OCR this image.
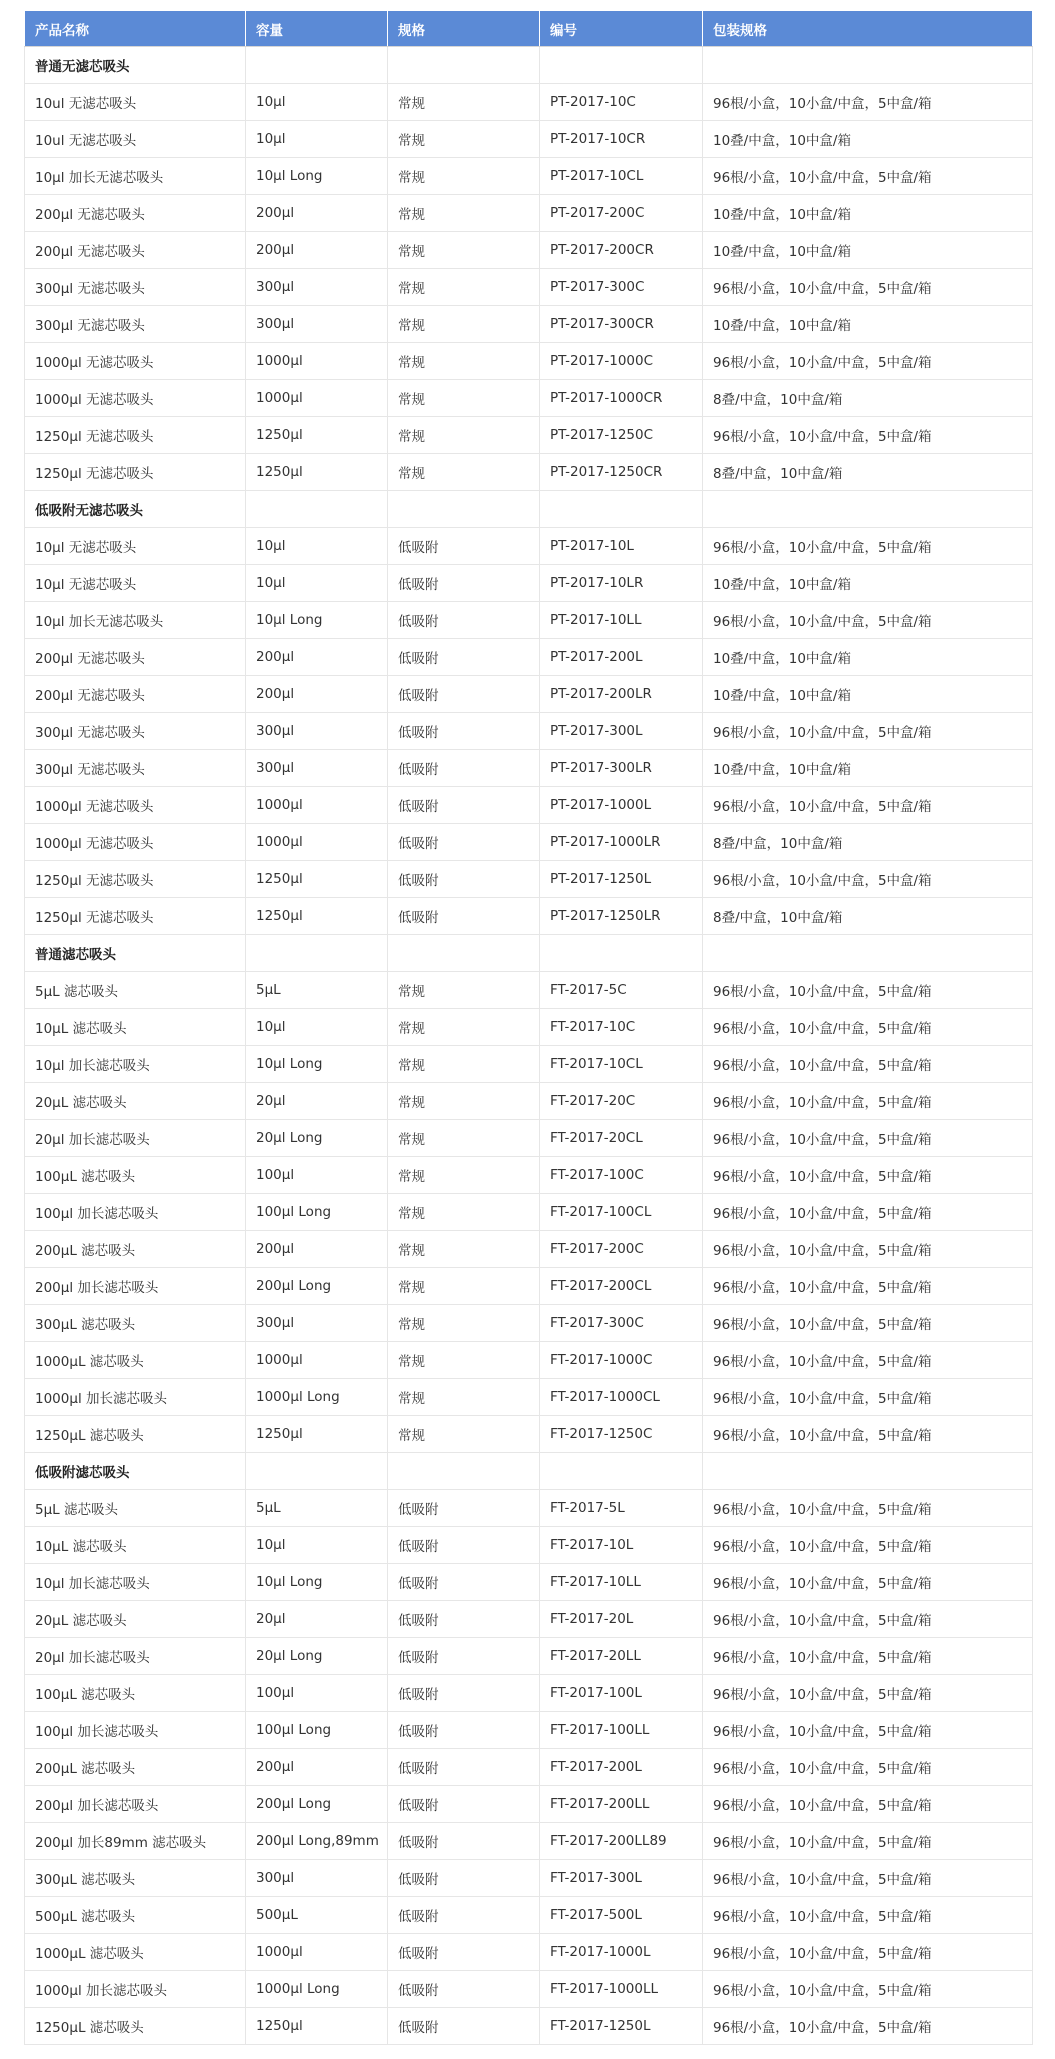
产品名称	容量	规格	编号	包装规格
普通无滤芯吸头				
10ul 无滤芯吸头	10μl	常规	PT-2017-10C	96根/小盒，10小盒/中盒，5中盒/箱
10ul 无滤芯吸头	10μl	常规	PT-2017-10CR	10叠/中盒，10中盒/箱
10μl 加长无滤芯吸头	10μl Long	常规	PT-2017-10CL	96根/小盒，10小盒/中盒，5中盒/箱
200μl 无滤芯吸头	200μl	常规	PT-2017-200C	10叠/中盒，10中盒/箱
200μl 无滤芯吸头	200μl	常规	PT-2017-200CR	10叠/中盒，10中盒/箱
300μl 无滤芯吸头	300μl	常规	PT-2017-300C	96根/小盒，10小盒/中盒，5中盒/箱
300μl 无滤芯吸头	300μl	常规	PT-2017-300CR	10叠/中盒，10中盒/箱
1000μl 无滤芯吸头	1000μl	常规	PT-2017-1000C	96根/小盒，10小盒/中盒，5中盒/箱
1000μl 无滤芯吸头	1000μl	常规	PT-2017-1000CR	8叠/中盒，10中盒/箱
1250μl 无滤芯吸头	1250μl	常规	PT-2017-1250C	96根/小盒，10小盒/中盒，5中盒/箱
1250μl 无滤芯吸头	1250μl	常规	PT-2017-1250CR	8叠/中盒，10中盒/箱
低吸附无滤芯吸头				
10μl 无滤芯吸头	10μl	低吸附	PT-2017-10L	96根/小盒，10小盒/中盒，5中盒/箱
10μl 无滤芯吸头	10μl	低吸附	PT-2017-10LR	10叠/中盒，10中盒/箱
10μl 加长无滤芯吸头	10μl Long	低吸附	PT-2017-10LL	96根/小盒，10小盒/中盒，5中盒/箱
200μl 无滤芯吸头	200μl	低吸附	PT-2017-200L	10叠/中盒，10中盒/箱
200μl 无滤芯吸头	200μl	低吸附	PT-2017-200LR	10叠/中盒，10中盒/箱
300μl 无滤芯吸头	300μl	低吸附	PT-2017-300L	96根/小盒，10小盒/中盒，5中盒/箱
300μl 无滤芯吸头	300μl	低吸附	PT-2017-300LR	10叠/中盒，10中盒/箱
1000μl 无滤芯吸头	1000μl	低吸附	PT-2017-1000L	96根/小盒，10小盒/中盒，5中盒/箱
1000μl 无滤芯吸头	1000μl	低吸附	PT-2017-1000LR	8叠/中盒，10中盒/箱
1250μl 无滤芯吸头	1250μl	低吸附	PT-2017-1250L	96根/小盒，10小盒/中盒，5中盒/箱
1250μl 无滤芯吸头	1250μl	低吸附	PT-2017-1250LR	8叠/中盒，10中盒/箱
普通滤芯吸头				
5μL 滤芯吸头	5μL	常规	FT-2017-5C	96根/小盒，10小盒/中盒，5中盒/箱
10μL 滤芯吸头	10μl	常规	FT-2017-10C	96根/小盒，10小盒/中盒，5中盒/箱
10μl 加长滤芯吸头	10μl Long	常规	FT-2017-10CL	96根/小盒，10小盒/中盒，5中盒/箱
20μL 滤芯吸头	20μl	常规	FT-2017-20C	96根/小盒，10小盒/中盒，5中盒/箱
20μl 加长滤芯吸头	20μl Long	常规	FT-2017-20CL	96根/小盒，10小盒/中盒，5中盒/箱
100μL 滤芯吸头	100μl	常规	FT-2017-100C	96根/小盒，10小盒/中盒，5中盒/箱
100μl 加长滤芯吸头	100μl Long	常规	FT-2017-100CL	96根/小盒，10小盒/中盒，5中盒/箱
200μL 滤芯吸头	200μl	常规	FT-2017-200C	96根/小盒，10小盒/中盒，5中盒/箱
200μl 加长滤芯吸头	200μl Long	常规	FT-2017-200CL	96根/小盒，10小盒/中盒，5中盒/箱
300μL 滤芯吸头	300μl	常规	FT-2017-300C	96根/小盒，10小盒/中盒，5中盒/箱
1000μL 滤芯吸头	1000μl	常规	FT-2017-1000C	96根/小盒，10小盒/中盒，5中盒/箱
1000μl 加长滤芯吸头	1000μl Long	常规	FT-2017-1000CL	96根/小盒，10小盒/中盒，5中盒/箱
1250μL 滤芯吸头	1250μl	常规	FT-2017-1250C	96根/小盒，10小盒/中盒，5中盒/箱
低吸附滤芯吸头				
5μL 滤芯吸头	5μL	低吸附	FT-2017-5L	96根/小盒，10小盒/中盒，5中盒/箱
10μL 滤芯吸头	10μl	低吸附	FT-2017-10L	96根/小盒，10小盒/中盒，5中盒/箱
10μl 加长滤芯吸头	10μl Long	低吸附	FT-2017-10LL	96根/小盒，10小盒/中盒，5中盒/箱
20μL 滤芯吸头	20μl	低吸附	FT-2017-20L	96根/小盒，10小盒/中盒，5中盒/箱
20μl 加长滤芯吸头	20μl Long	低吸附	FT-2017-20LL	96根/小盒，10小盒/中盒，5中盒/箱
100μL 滤芯吸头	100μl	低吸附	FT-2017-100L	96根/小盒，10小盒/中盒，5中盒/箱
100μl 加长滤芯吸头	100μl Long	低吸附	FT-2017-100LL	96根/小盒，10小盒/中盒，5中盒/箱
200μL 滤芯吸头	200μl	低吸附	FT-2017-200L	96根/小盒，10小盒/中盒，5中盒/箱
200μl 加长滤芯吸头	200μl Long	低吸附	FT-2017-200LL	96根/小盒，10小盒/中盒，5中盒/箱
200μl 加长89mm 滤芯吸头	200μl Long,89mm	低吸附	FT-2017-200LL89	96根/小盒，10小盒/中盒，5中盒/箱
300μL 滤芯吸头	300μl	低吸附	FT-2017-300L	96根/小盒，10小盒/中盒，5中盒/箱
500μL 滤芯吸头	500μL	低吸附	FT-2017-500L	96根/小盒，10小盒/中盒，5中盒/箱
1000μL 滤芯吸头	1000μl	低吸附	FT-2017-1000L	96根/小盒，10小盒/中盒，5中盒/箱
1000μl 加长滤芯吸头	1000μl Long	低吸附	FT-2017-1000LL	96根/小盒，10小盒/中盒，5中盒/箱
1250μL 滤芯吸头	1250μl	低吸附	FT-2017-1250L	96根/小盒，10小盒/中盒，5中盒/箱
